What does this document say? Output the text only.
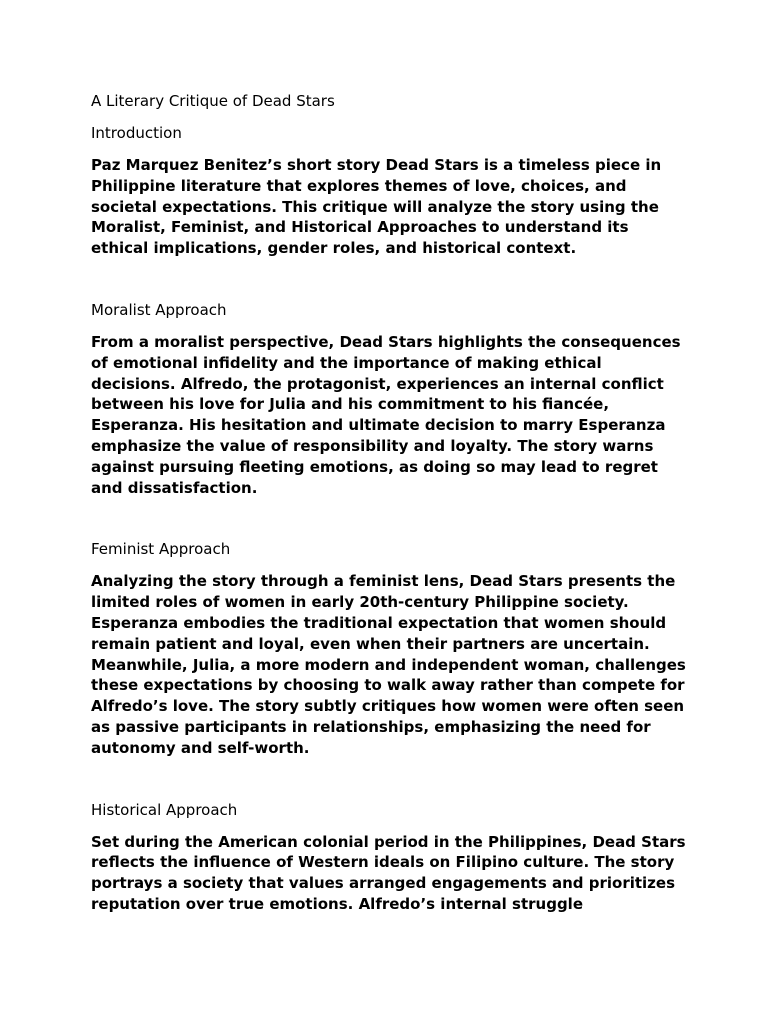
A Literary Critique of Dead Stars
Introduction
Paz Marquez Benitez’s short story Dead Stars is a timeless piece in Philippine literature that explores themes of love, choices, and societal expectations. This critique will analyze the story using the Moralist, Feminist, and Historical Approaches to understand its ethical implications, gender roles, and historical context.
Moralist Approach
From a moralist perspective, Dead Stars highlights the consequences of emotional infidelity and the importance of making ethical decisions. Alfredo, the protagonist, experiences an internal conflict between his love for Julia and his commitment to his fiancée, Esperanza. His hesitation and ultimate decision to marry Esperanza emphasize the value of responsibility and loyalty. The story warns against pursuing fleeting emotions, as doing so may lead to regret and dissatisfaction.
Feminist Approach
Analyzing the story through a feminist lens, Dead Stars presents the limited roles of women in early 20th-century Philippine society. Esperanza embodies the traditional expectation that women should remain patient and loyal, even when their partners are uncertain. Meanwhile, Julia, a more modern and independent woman, challenges these expectations by choosing to walk away rather than compete for Alfredo’s love. The story subtly critiques how women were often seen as passive participants in relationships, emphasizing the need for autonomy and self-worth.
Historical Approach
Set during the American colonial period in the Philippines, Dead Stars reflects the influence of Western ideals on Filipino culture. The story portrays a society that values arranged engagements and prioritizes reputation over true emotions. Alfredo’s internal struggle
